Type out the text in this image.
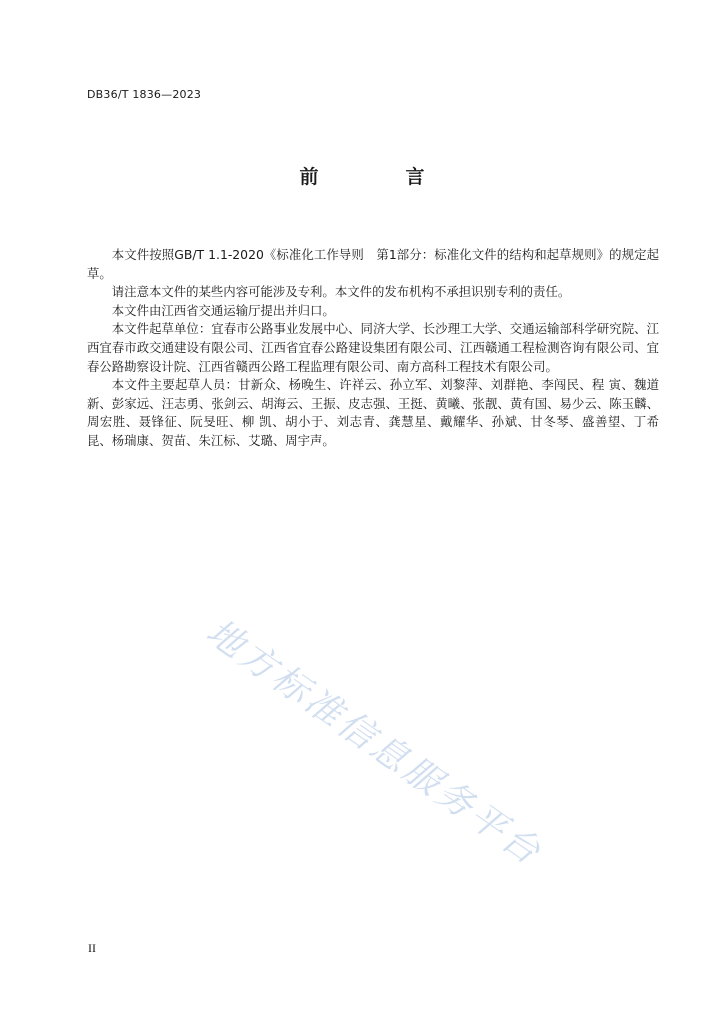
DB36/T 1836—2023
前　言

本文件按照GB/T 1.1-2020《标准化工作导则　第1部分：标准化文件的结构和起草规则》的规定起草。

请注意本文件的某些内容可能涉及专利。本文件的发布机构不承担识别专利的责任。

本文件由江西省交通运输厅提出并归口。

本文件起草单位：宜春市公路事业发展中心、同济大学、长沙理工大学、交通运输部科学研究院、江西宜春市政交通建设有限公司、江西省宜春公路建设集团有限公司、江西赣通工程检测咨询有限公司、宜春公路勘察设计院、江西省赣西公路工程监理有限公司、南方高科工程技术有限公司。

本文件主要起草人员：甘新众、杨晚生、许祥云、孙立军、刘黎萍、刘群艳、李闯民、程 寅、魏道新、彭家远、汪志勇、张剑云、胡海云、王振、皮志强、王挺、黄曦、张靓、黄有国、易少云、陈玉麟、周宏胜、聂锋征、阮旻旺、柳 凯、胡小于、刘志青、龚慧星、戴耀华、孙斌、甘冬琴、盛善望、丁希昆、杨瑞康、贺苗、朱江标、艾璐、周宇声。

地方标准信息服务平台
II
